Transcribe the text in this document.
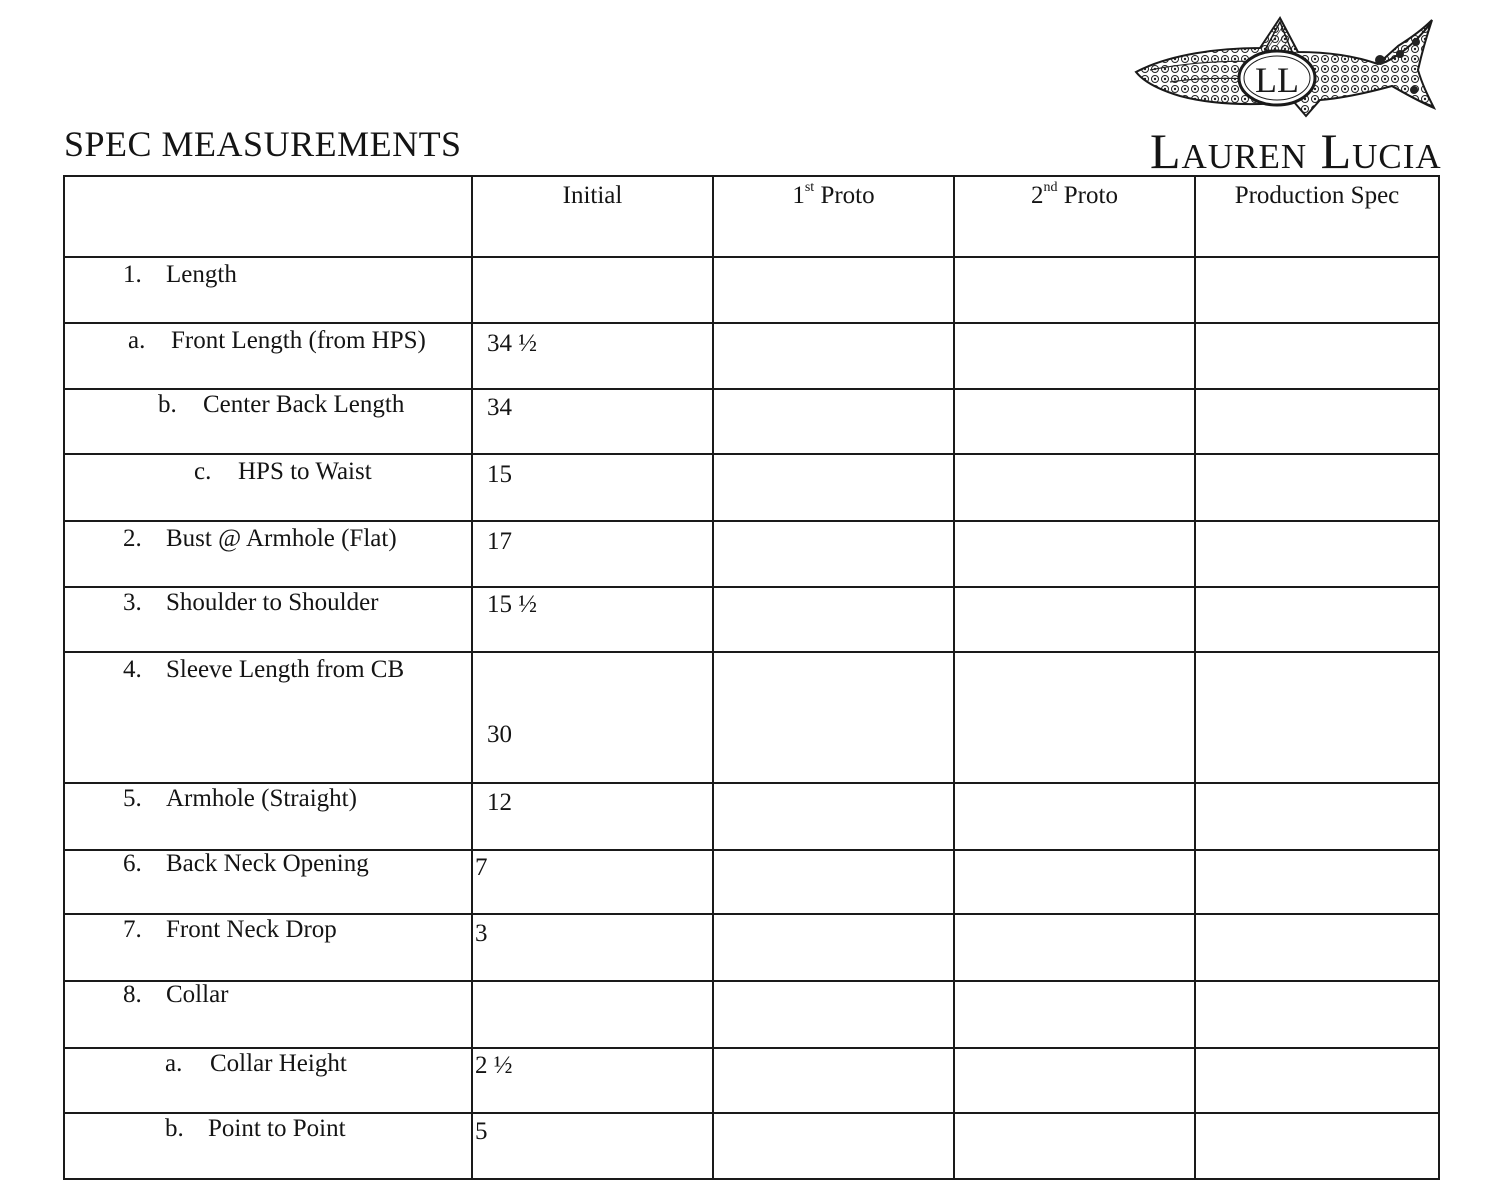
SPEC MEASUREMENTS
LL
Lauren Lucia
	Initial	1st Proto	2nd Proto	Production Spec

1. Length				

a. Front Length (from HPS)	34 ½			

b. Center Back Length	34			

c. HPS to Waist	15			

2. Bust @ Armhole (Flat)	17			

3. Shoulder to Shoulder	15 ½			

4. Sleeve Length from CB	30			

5. Armhole (Straight)	12			

6. Back Neck Opening	7			

7. Front Neck Drop	3			

8. Collar				

a. Collar Height	2 ½			

b. Point to Point	5			
